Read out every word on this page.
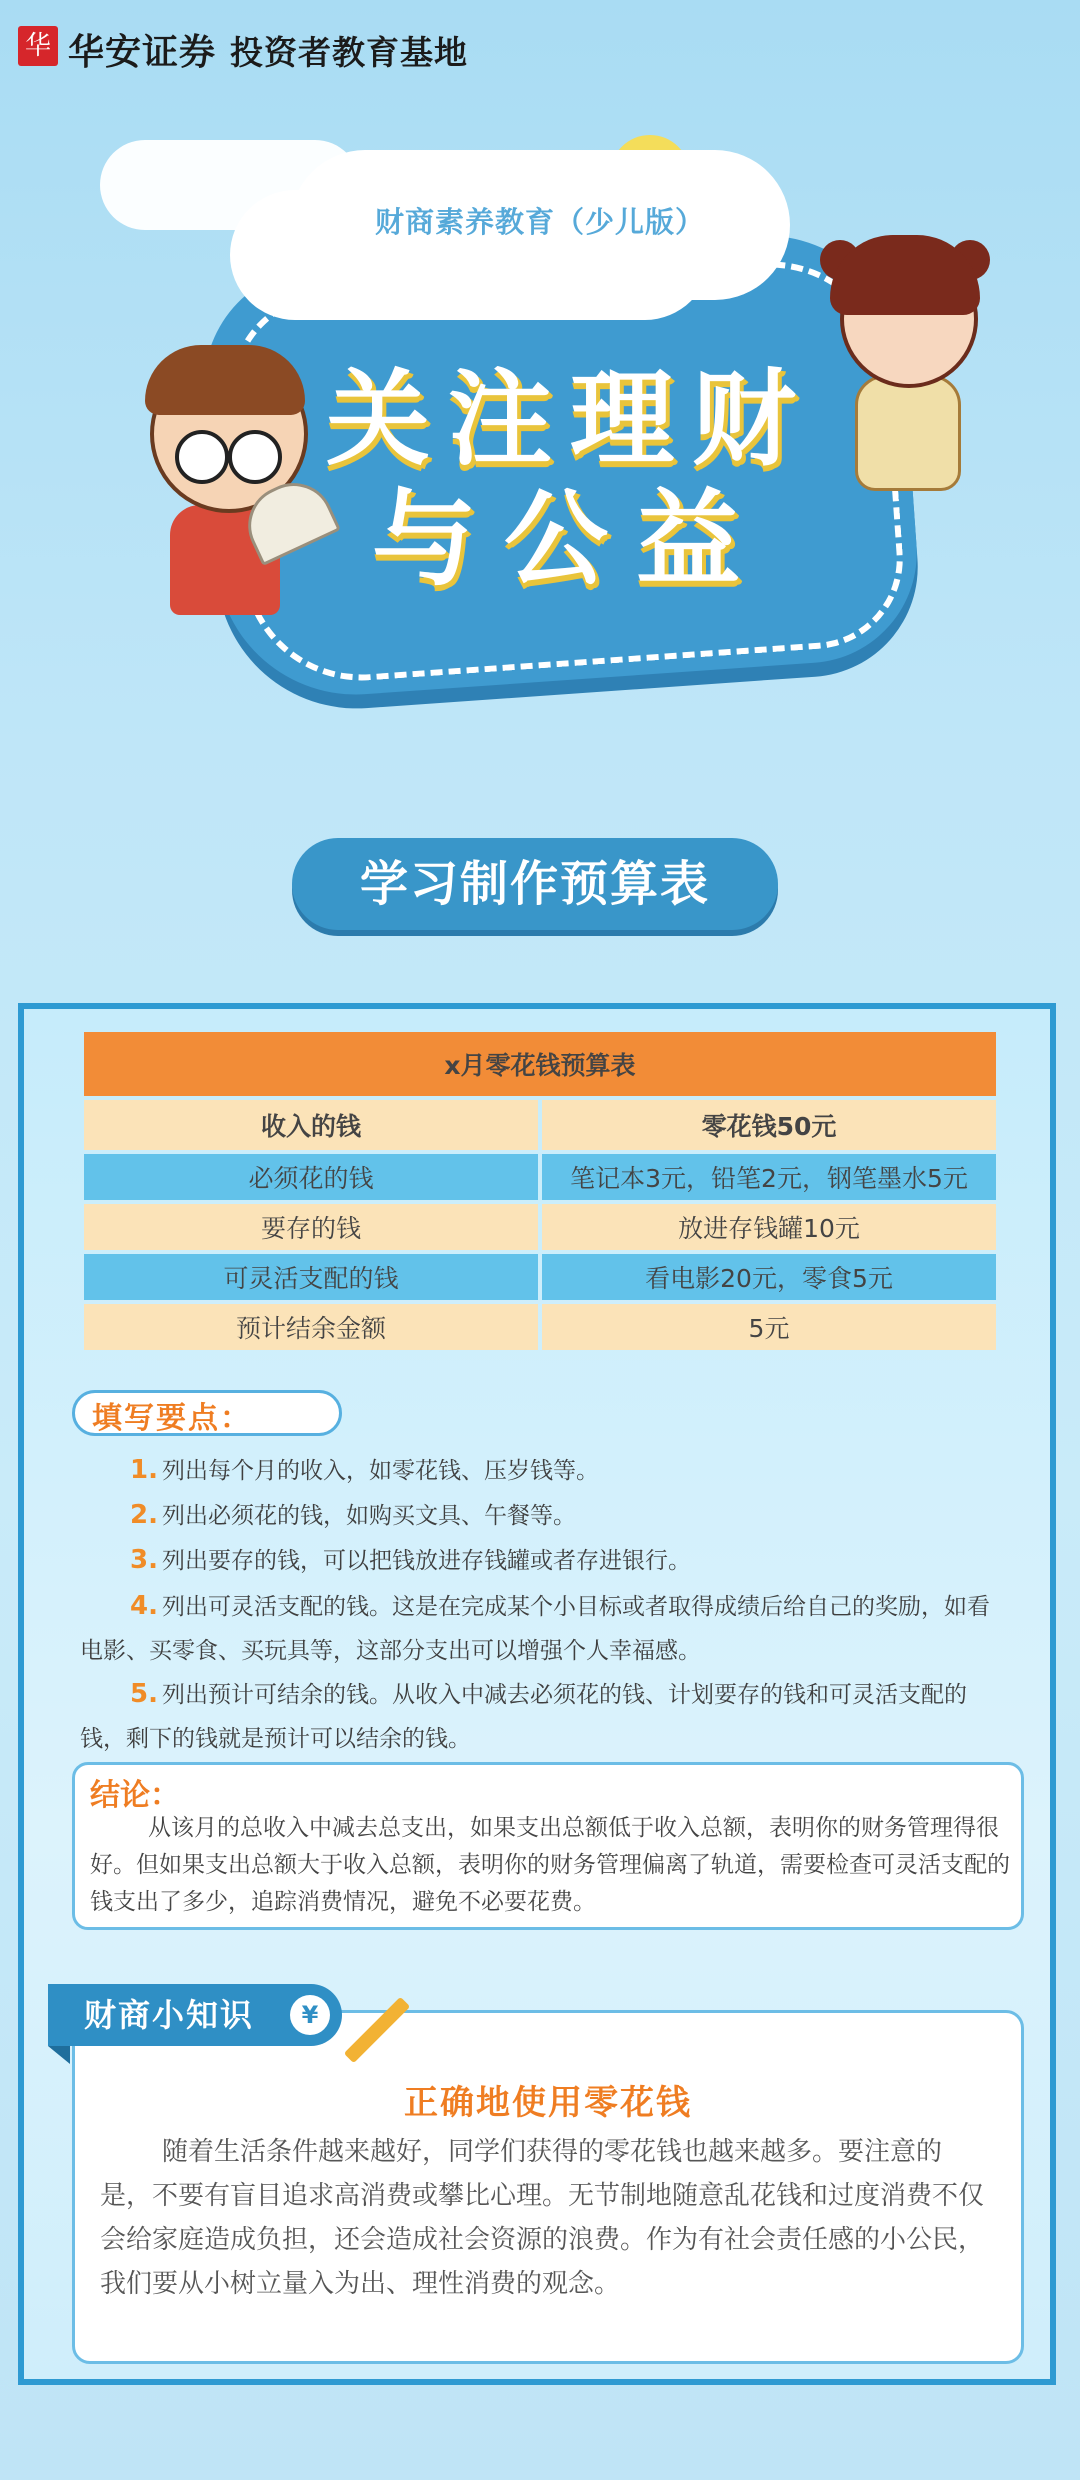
华 华安证券 投资者教育基地
财商素养教育（少儿版）
关注理财
与公益
学习制作预算表
x月零花钱预算表	
收入的钱	零花钱50元
必须花的钱	笔记本3元，铅笔2元，钢笔墨水5元
要存的钱	放进存钱罐10元
可灵活支配的钱	看电影20元，零食5元
预计结余金额	5元
填写要点：
1. 列出每个月的收入，如零花钱、压岁钱等。
2. 列出必须花的钱，如购买文具、午餐等。
3. 列出要存的钱，可以把钱放进存钱罐或者存进银行。
4. 列出可灵活支配的钱。这是在完成某个小目标或者取得成绩后给自己的奖励，如看电影、买零食、买玩具等，这部分支出可以增强个人幸福感。
5. 列出预计可结余的钱。从收入中减去必须花的钱、计划要存的钱和可灵活支配的钱，剩下的钱就是预计可以结余的钱。
结论：
从该月的总收入中减去总支出，如果支出总额低于收入总额，表明你的财务管理得很好。但如果支出总额大于收入总额，表明你的财务管理偏离了轨道，需要检查可灵活支配的钱支出了多少，追踪消费情况，避免不必要花费。
财商小知识	¥
正确地使用零花钱
随着生活条件越来越好，同学们获得的零花钱也越来越多。要注意的是，不要有盲目追求高消费或攀比心理。无节制地随意乱花钱和过度消费不仅会给家庭造成负担，还会造成社会资源的浪费。作为有社会责任感的小公民，我们要从小树立量入为出、理性消费的观念。
